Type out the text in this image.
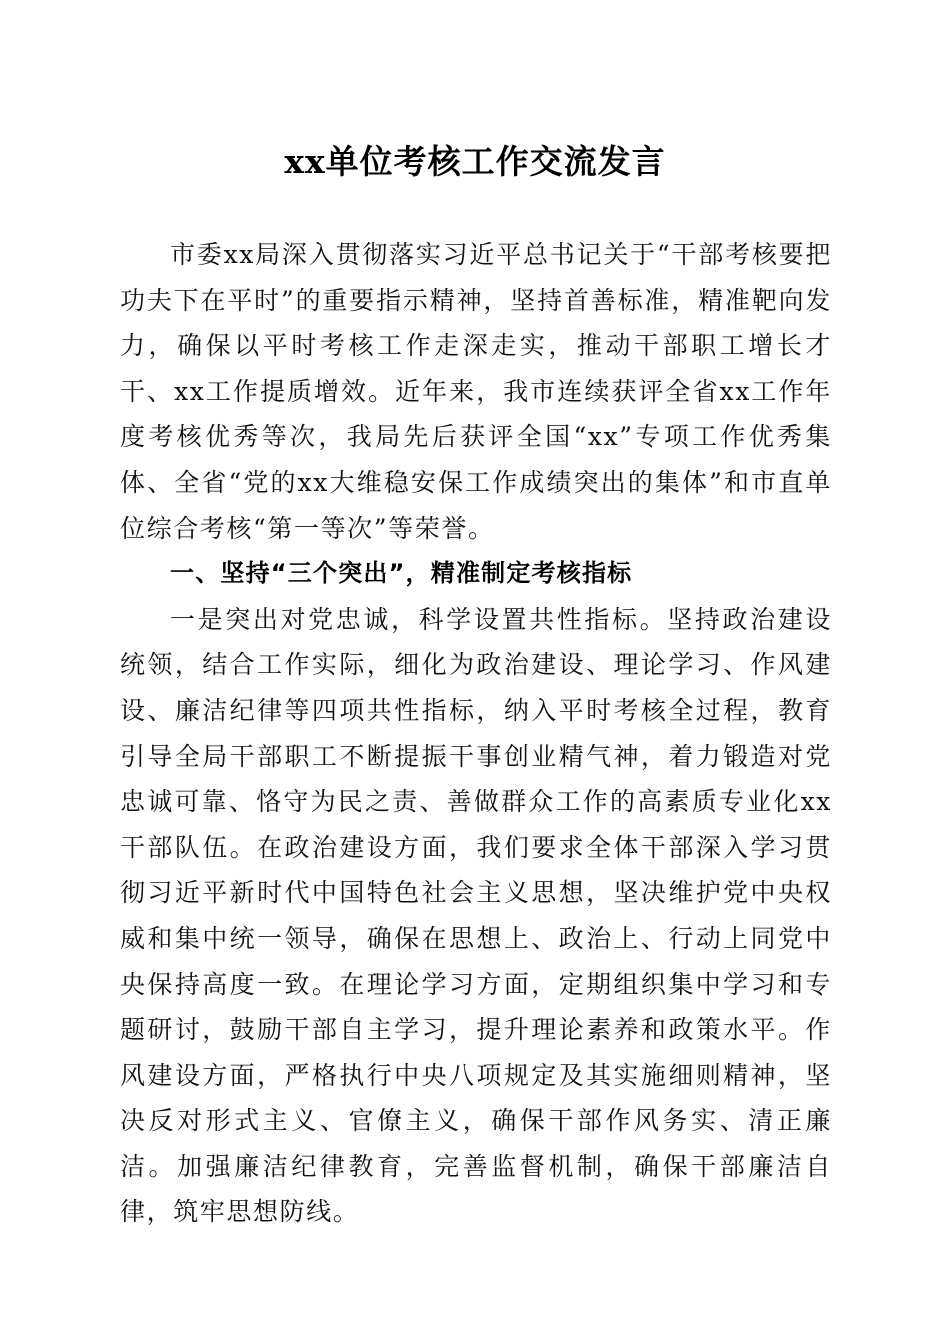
xx单位考核工作交流发言

市委xx局深入贯彻落实习近平总书记关于“干部考核要把功夫下在平时”的重要指示精神，坚持首善标准，精准靶向发力，确保以平时考核工作走深走实，推动干部职工增长才干、xx工作提质增效。近年来，我市连续获评全省xx工作年度考核优秀等次，我局先后获评全国“xx”专项工作优秀集体、全省“党的xx大维稳安保工作成绩突出的集体”和市直单位综合考核“第一等次”等荣誉。

一、坚持“三个突出”，精准制定考核指标

一是突出对党忠诚，科学设置共性指标。坚持政治建设统领，结合工作实际，细化为政治建设、理论学习、作风建设、廉洁纪律等四项共性指标，纳入平时考核全过程，教育引导全局干部职工不断提振干事创业精气神，着力锻造对党忠诚可靠、恪守为民之责、善做群众工作的高素质专业化xx干部队伍。在政治建设方面，我们要求全体干部深入学习贯彻习近平新时代中国特色社会主义思想，坚决维护党中央权威和集中统一领导，确保在思想上、政治上、行动上同党中央保持高度一致。在理论学习方面，定期组织集中学习和专题研讨，鼓励干部自主学习，提升理论素养和政策水平。作风建设方面，严格执行中央八项规定及其实施细则精神，坚决反对形式主义、官僚主义，确保干部作风务实、清正廉洁。加强廉洁纪律教育，完善监督机制，确保干部廉洁自律，筑牢思想防线。
